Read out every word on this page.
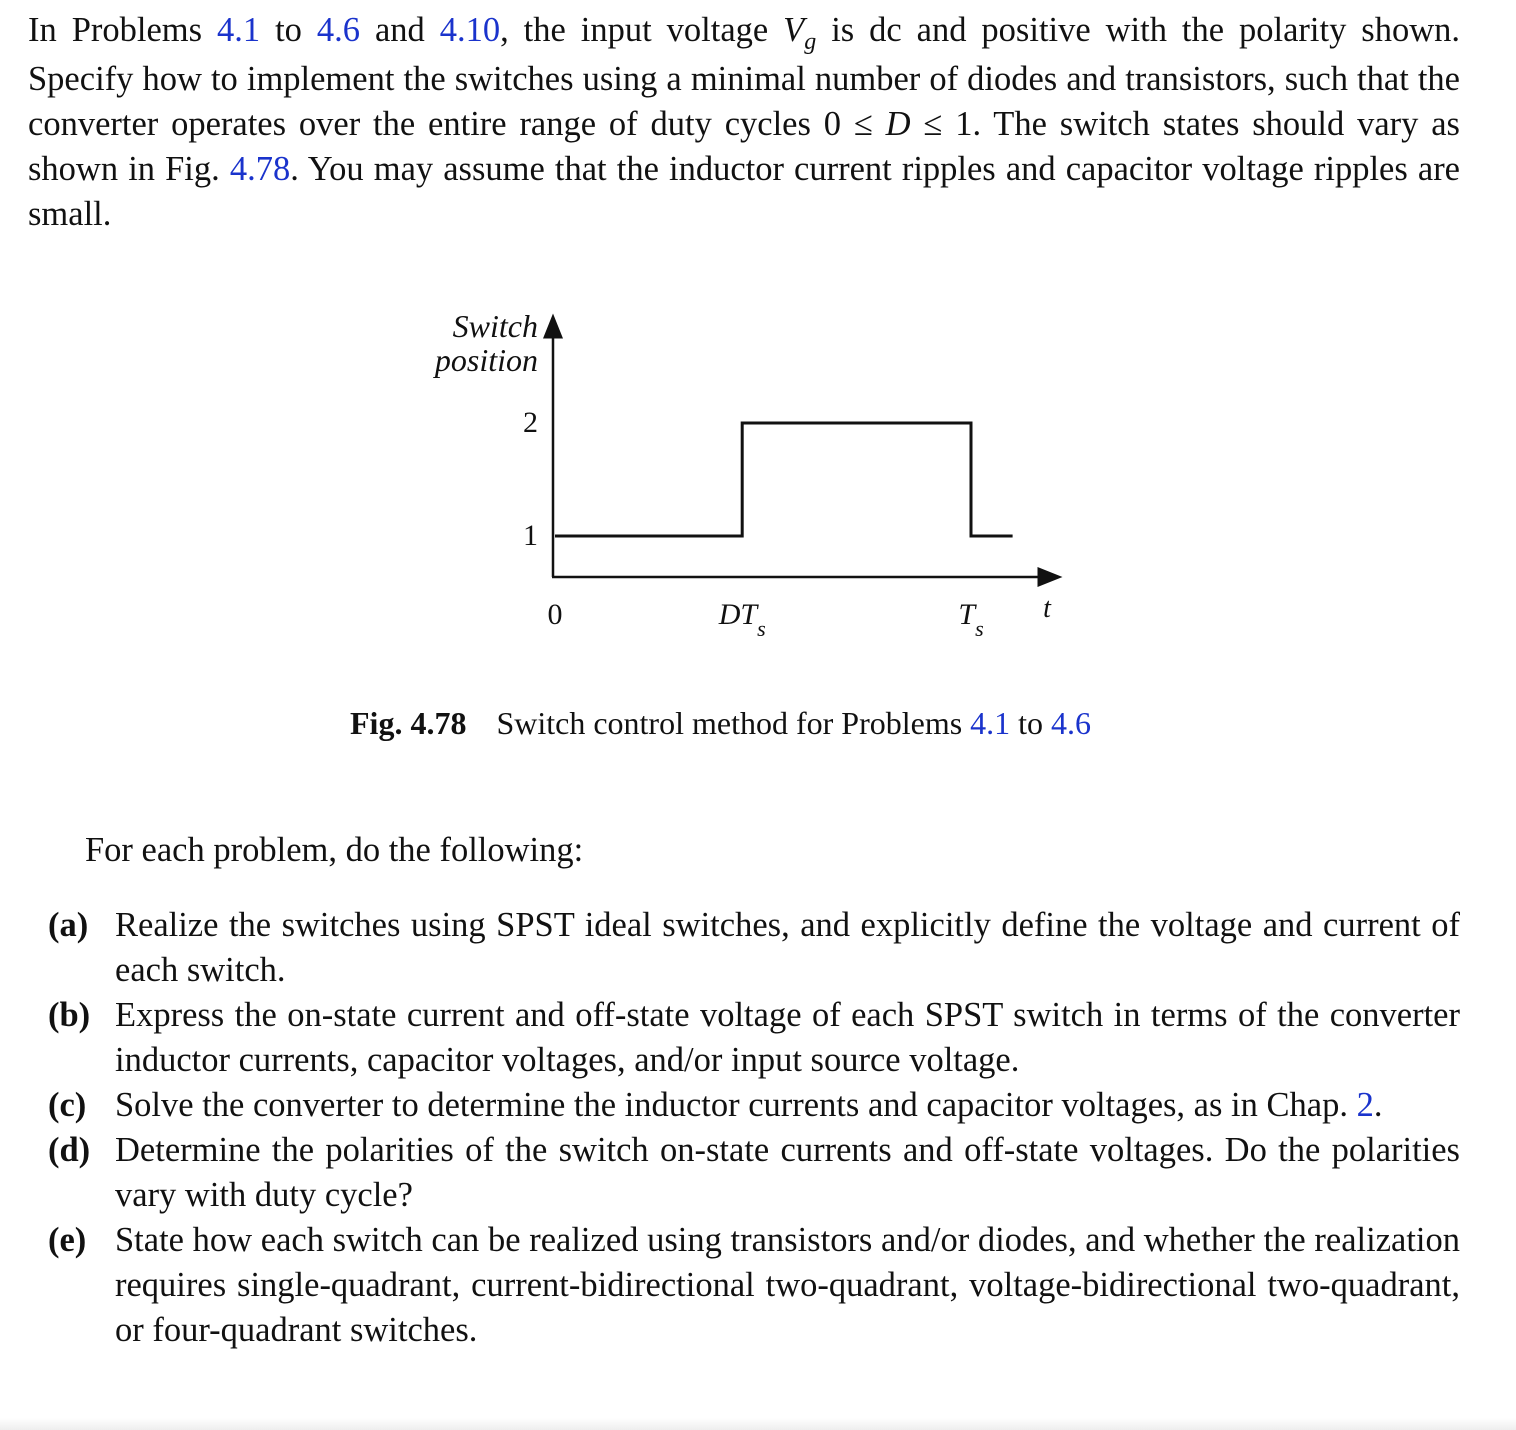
In Problems 4.1 to 4.6 and 4.10, the input voltage $V_g$ is dc and positive with the polarity shown. Specify how to implement the switches using a minimal number of diodes and transistors, such that the converter operates over the entire range of duty cycles 0 ≤ D ≤ 1. The switch states should vary as shown in Fig. 4.78. You may assume that the inductor current ripples and capacitor voltage ripples are small.
Switch
position
2
1
0	$DT_s$	$T_s$
t
Fig. 4.78 Switch control method for Problems 4.1 to 4.6
For each problem, do the following:
(a) Realize the switches using SPST ideal switches, and explicitly define the voltage and current of each switch.
(b) Express the on-state current and off-state voltage of each SPST switch in terms of the converter inductor currents, capacitor voltages, and/or input source voltage.
(c) Solve the converter to determine the inductor currents and capacitor voltages, as in Chap. 2.
(d) Determine the polarities of the switch on-state currents and off-state voltages. Do the polarities vary with duty cycle?
(e) State how each switch can be realized using transistors and/or diodes, and whether the realization requires single-quadrant, current-bidirectional two-quadrant, voltage-bidirectional two-quadrant, or four-quadrant switches.
